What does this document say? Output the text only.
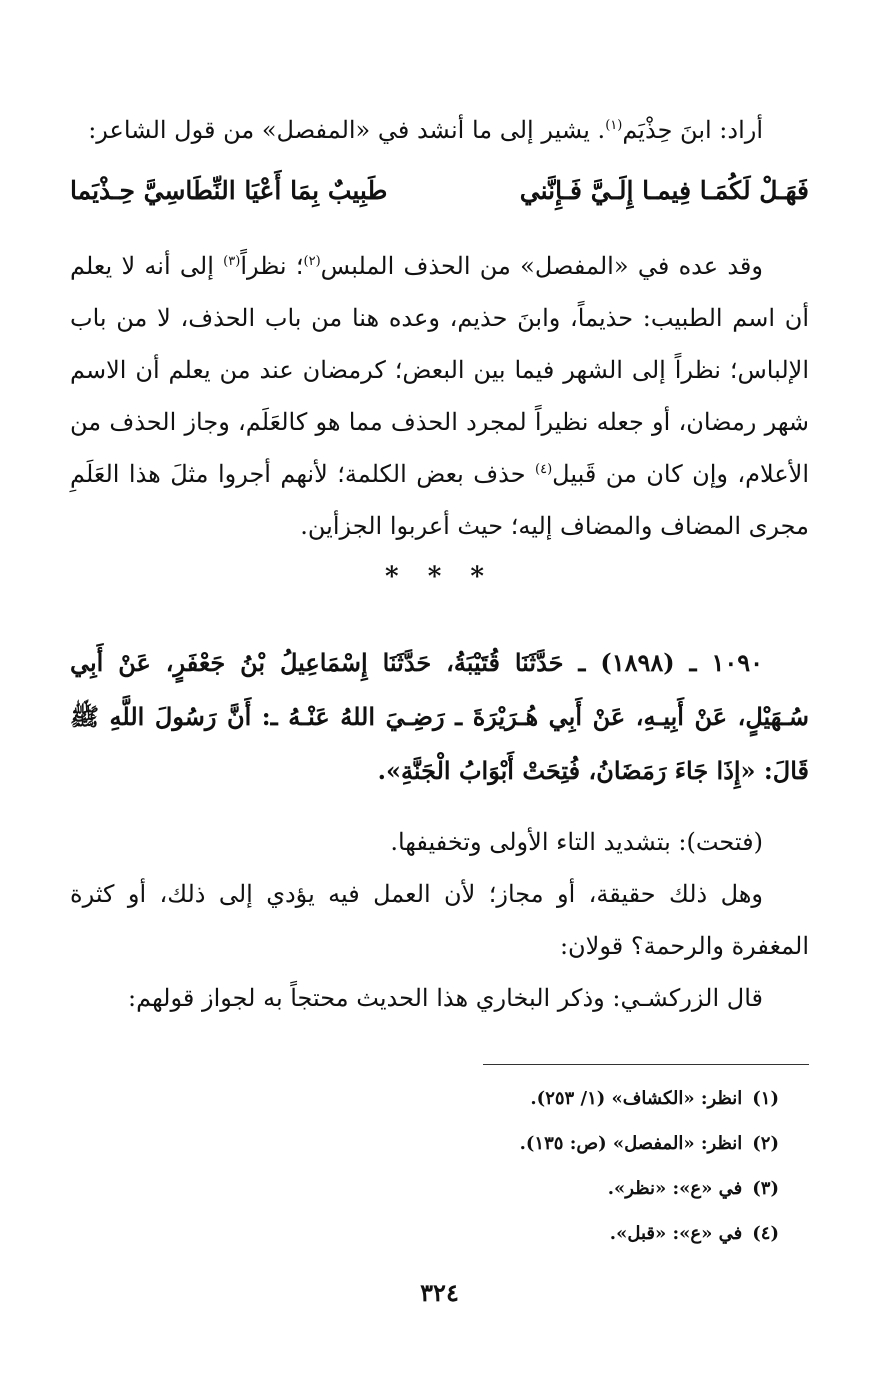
أراد: ابنَ حِذْيَم$^{(١)}$. يشير إلى ما أنشد في «المفصل» من قول الشاعر:

فَهَـلْ لَكُمَـا فِيمـا إِلَـيَّ فَـإِنَّني
طَبِيبٌ بِمَا أَعْيَا النِّطَاسِيَّ حِـذْيَما

وقد عده في «المفصل» من الحذف الملبس$^{(٢)}$؛ نظراً$^{(٣)}$ إلى أنه لا يعلم أن اسم الطبيب: حذيماً، وابنَ حذيم، وعده هنا من باب الحذف، لا من باب الإلباس؛ نظراً إلى الشهر فيما بين البعض؛ كرمضان عند من يعلم أن الاسم شهر رمضان، أو جعله نظيراً لمجرد الحذف مما هو كالعَلَم، وجاز الحذف من الأعلام، وإن كان من قَبيل$^{(٤)}$ حذف بعض الكلمة؛ لأنهم أجروا مثلَ هذا العَلَمِ مجرى المضاف والمضاف إليه؛ حيث أعربوا الجزأين.

* * *

١٠٩٠ ـ (١٨٩٨) ـ حَدَّثَنَا قُتَيْبَةُ، حَدَّثَنَا إِسْمَاعِيلُ بْنُ جَعْفَرٍ، عَنْ أَبِي سُـهَيْلٍ، عَنْ أَبِيـهِ، عَنْ أَبِي هُـرَيْرَةَ ـ رَضِـيَ اللهُ عَنْـهُ ـ: أَنَّ رَسُولَ اللَّهِ ﷺ قَالَ: «إِذَا جَاءَ رَمَضَانُ، فُتِحَتْ أَبْوَابُ الْجَنَّةِ».

(فتحت): بتشديد التاء الأولى وتخفيفها.

وهل ذلك حقيقة، أو مجاز؛ لأن العمل فيه يؤدي إلى ذلك، أو كثرة المغفرة والرحمة؟ قولان:

قال الزركشـي: وذكر البخاري هذا الحديث محتجاً به لجواز قولهم:

(١)انظر: «الكشاف» (١/ ٢٥٣).

(٢)انظر: «المفصل» (ص: ١٣٥).

(٣)في «ع»: «نظر».

(٤)في «ع»: «قبل».

٣٢٤
